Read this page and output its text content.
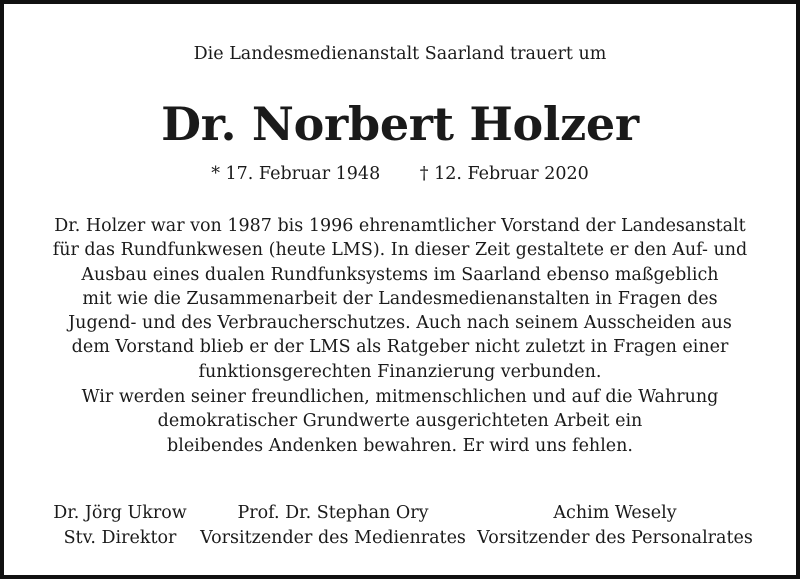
Die Landesmedienanstalt Saarland trauert um
Dr. Norbert Holzer
* 17. Februar 1948 † 12. Februar 2020
Dr. Holzer war von 1987 bis 1996 ehrenamtlicher Vorstand der Landesanstalt
für das Rundfunkwesen (heute LMS). In dieser Zeit gestaltete er den Auf- und
Ausbau eines dualen Rundfunksystems im Saarland ebenso maßgeblich
mit wie die Zusammenarbeit der Landesmedienanstalten in Fragen des
Jugend- und des Verbraucherschutzes. Auch nach seinem Ausscheiden aus
dem Vorstand blieb er der LMS als Ratgeber nicht zuletzt in Fragen einer
funktionsgerechten Finanzierung verbunden.
Wir werden seiner freundlichen, mitmenschlichen und auf die Wahrung
demokratischer Grundwerte ausgerichteten Arbeit ein
bleibendes Andenken bewahren. Er wird uns fehlen.
Dr. Jörg Ukrow
Stv. Direktor
Prof. Dr. Stephan Ory
Vorsitzender des Medienrates
Achim Wesely
Vorsitzender des Personalrates
